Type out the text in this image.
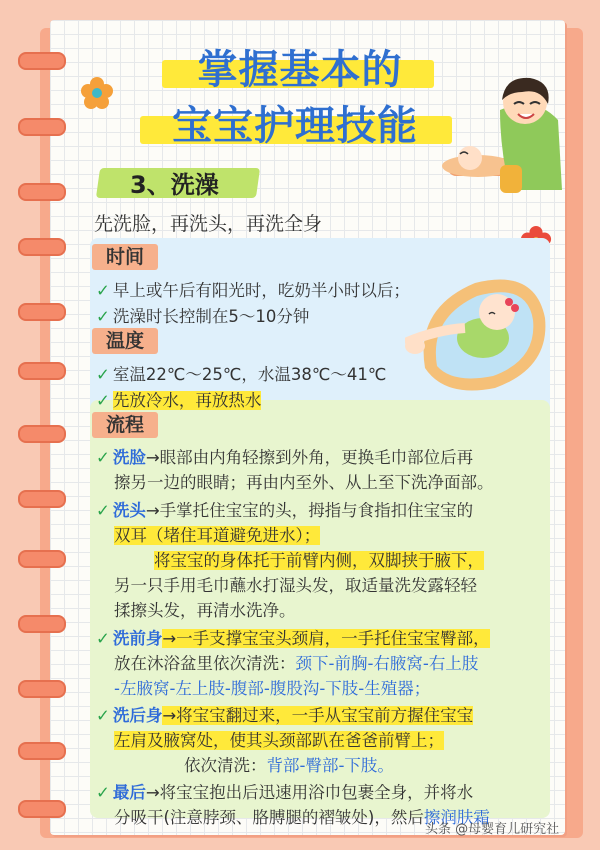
掌握基本的
宝宝护理技能
3、洗澡
先洗脸，再洗头，再洗全身
时间
✓ 早上或午后有阳光时，吃奶半小时以后；
✓ 洗澡时长控制在5～10分钟
温度
✓ 室温22℃～25℃，水温38℃～41℃
✓ 先放冷水，再放热水
流程
✓ 洗脸→眼部由内角轻擦到外角，更换毛巾部位后再
擦另一边的眼睛；再由内至外、从上至下洗净面部。
✓ 洗头→手掌托住宝宝的头，拇指与食指扣住宝宝的
双耳（堵住耳道避免进水）；
将宝宝的身体托于前臂内侧，双脚挟于腋下，
另一只手用毛巾蘸水打湿头发，取适量洗发露轻轻
揉擦头发，再清水洗净。
✓ 洗前身→一手支撑宝宝头颈肩，一手托住宝宝臀部，
放在沐浴盆里依次清洗：颈下-前胸-右腋窝-右上肢
-左腋窝-左上肢-腹部-腹股沟-下肢-生殖器；
✓ 洗后身→将宝宝翻过来，一手从宝宝前方握住宝宝
左肩及腋窝处，使其头颈部趴在爸爸前臂上；
依次清洗：背部-臀部-下肢。
✓ 最后→将宝宝抱出后迅速用浴巾包裹全身，并将水
分吸干(注意脖颈、胳膊腿的褶皱处)，然后擦润肤霜
头条 @母婴育儿研究社
